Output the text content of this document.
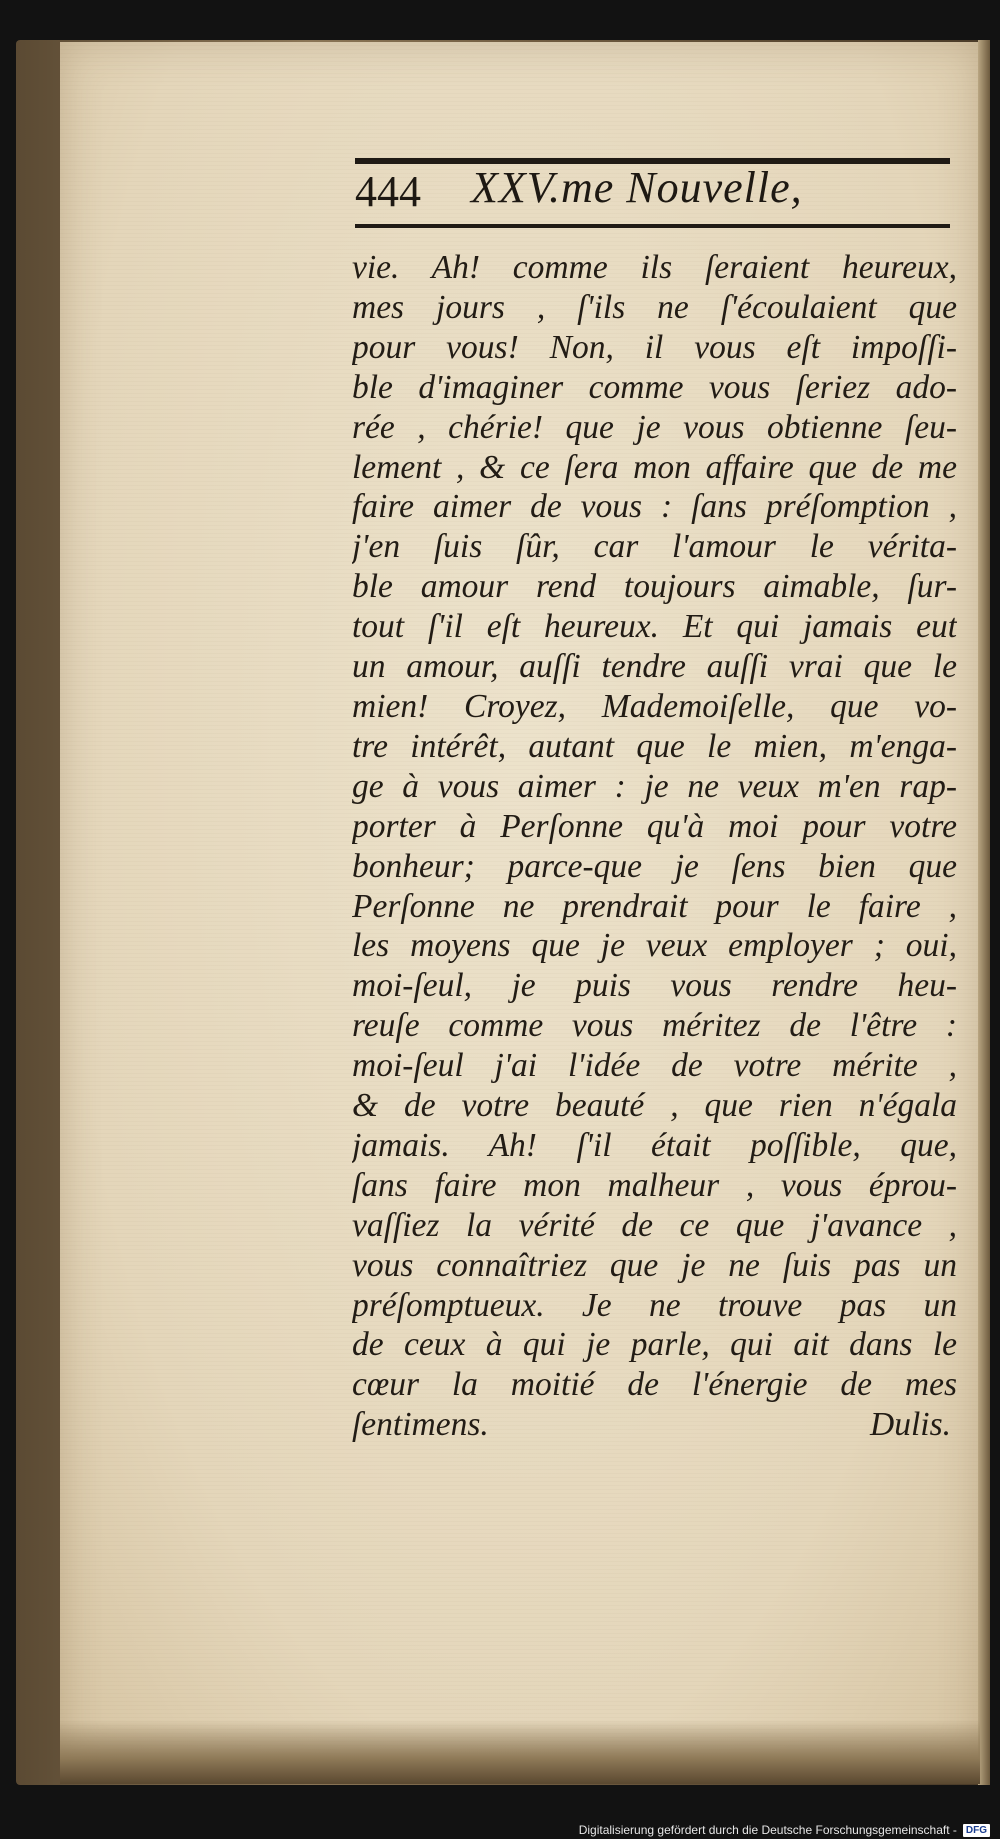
444 XXV.me Nouvelle,
vie. Ah! comme ils ſeraient heureux,
mes jours , ſ'ils ne ſ'écoulaient que
pour vous! Non, il vous eſt impoſſi-
ble d'imaginer comme vous ſeriez ado-
rée , chérie! que je vous obtienne ſeu-
lement , & ce ſera mon affaire que de me
faire aimer de vous : ſans préſomption ,
j'en ſuis ſûr, car l'amour le vérita-
ble amour rend toujours aimable, ſur-
tout ſ'il eſt heureux. Et qui jamais eut
un amour, auſſi tendre auſſi vrai que le
mien! Croyez, Mademoiſelle, que vo-
tre intérêt, autant que le mien, m'enga-
ge à vous aimer : je ne veux m'en rap-
porter à Perſonne qu'à moi pour votre
bonheur; parce-que je ſens bien que
Perſonne ne prendrait pour le faire ,
les moyens que je veux employer ; oui,
moi-ſeul, je puis vous rendre heu-
reuſe comme vous méritez de l'être :
moi-ſeul j'ai l'idée de votre mérite ,
& de votre beauté , que rien n'égala
jamais. Ah! ſ'il était poſſible, que,
ſans faire mon malheur , vous éprou-
vaſſiez la vérité de ce que j'avance ,
vous connaîtriez que je ne ſuis pas un
préſomptueux. Je ne trouve pas un
de ceux à qui je parle, qui ait dans le
cœur la moitié de l'énergie de mes
ſentimens.	Dulis.
Digitalisierung gefördert durch die Deutsche Forschungsgemeinschaft - DFG
